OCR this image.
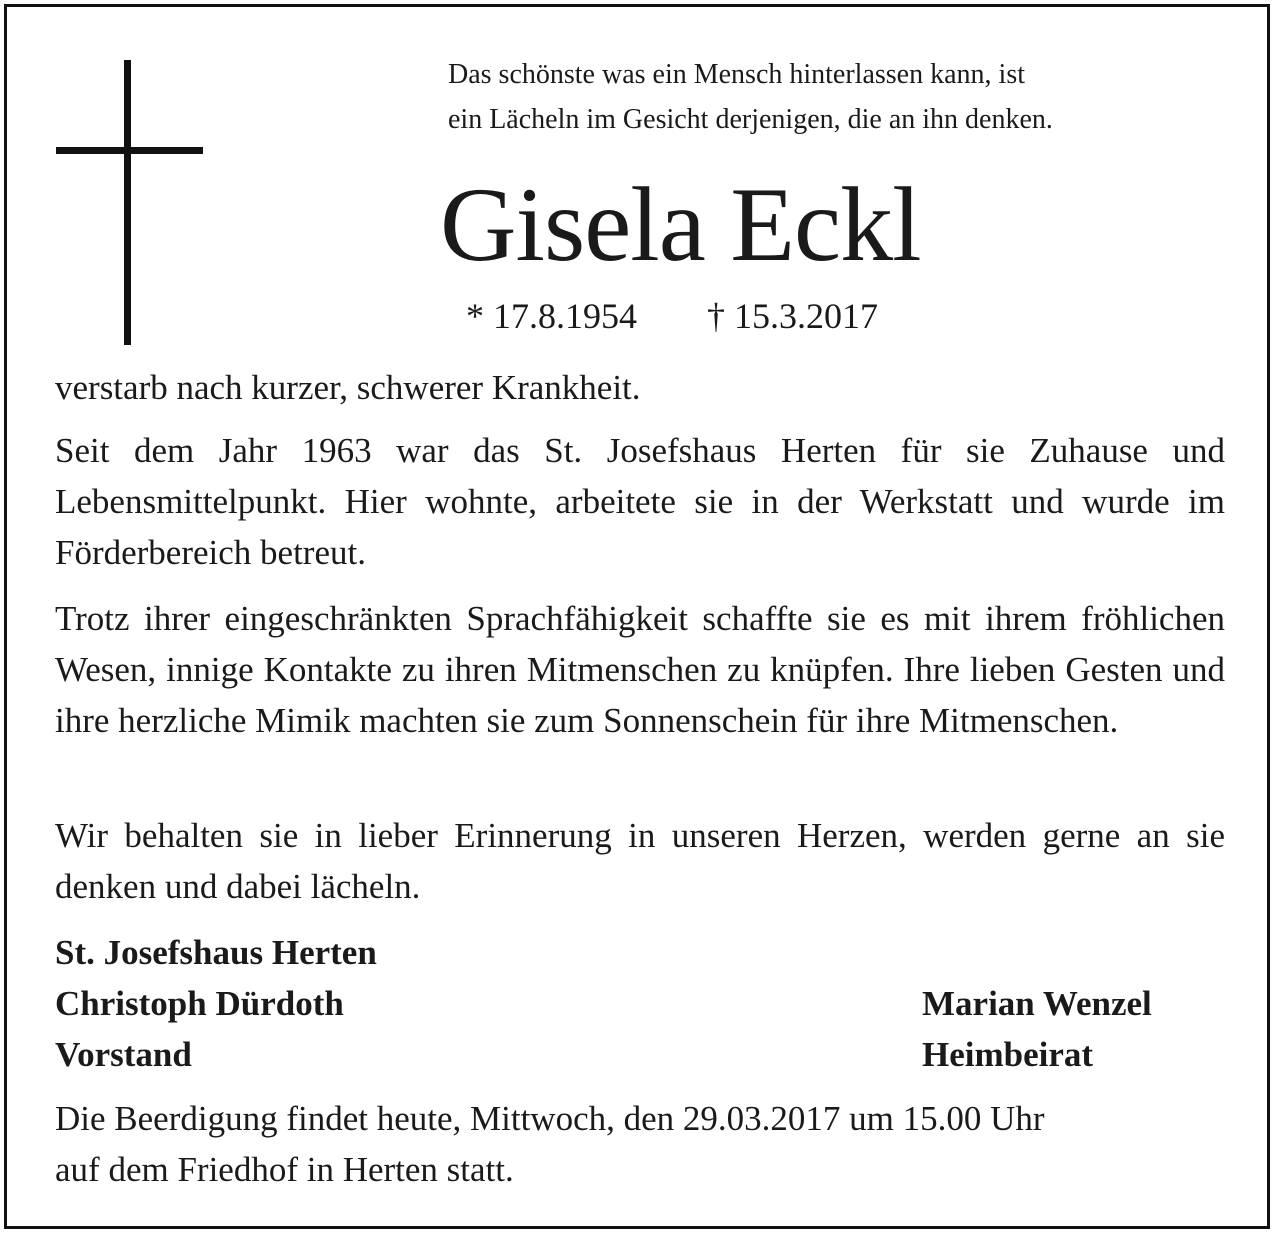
Das schönste was ein Mensch hinterlassen kann, ist
ein Lächeln im Gesicht derjenigen, die an ihn denken.
Gisela Eckl
* 17.8.1954 † 15.3.2017
verstarb nach kurzer, schwerer Krankheit.
Seit dem Jahr 1963 war das St. Josefshaus Herten für sie Zuhause und Lebensmittelpunkt. Hier wohnte, arbeitete sie in der Werkstatt und wurde im Förderbereich betreut.
Trotz ihrer eingeschränkten Sprachfähigkeit schaffte sie es mit ihrem fröhlichen Wesen, innige Kontakte zu ihren Mitmenschen zu knüpfen. Ihre lieben Gesten und ihre herzliche Mimik machten sie zum Sonnenschein für ihre Mitmenschen.
Wir behalten sie in lieber Erinnerung in unseren Herzen, werden gerne an sie denken und dabei lächeln.
St. Josefshaus Herten
Christoph Dürdoth
Vorstand
Marian Wenzel
Heimbeirat
Die Beerdigung findet heute, Mittwoch, den 29.03.2017 um 15.00 Uhr
auf dem Friedhof in Herten statt.
